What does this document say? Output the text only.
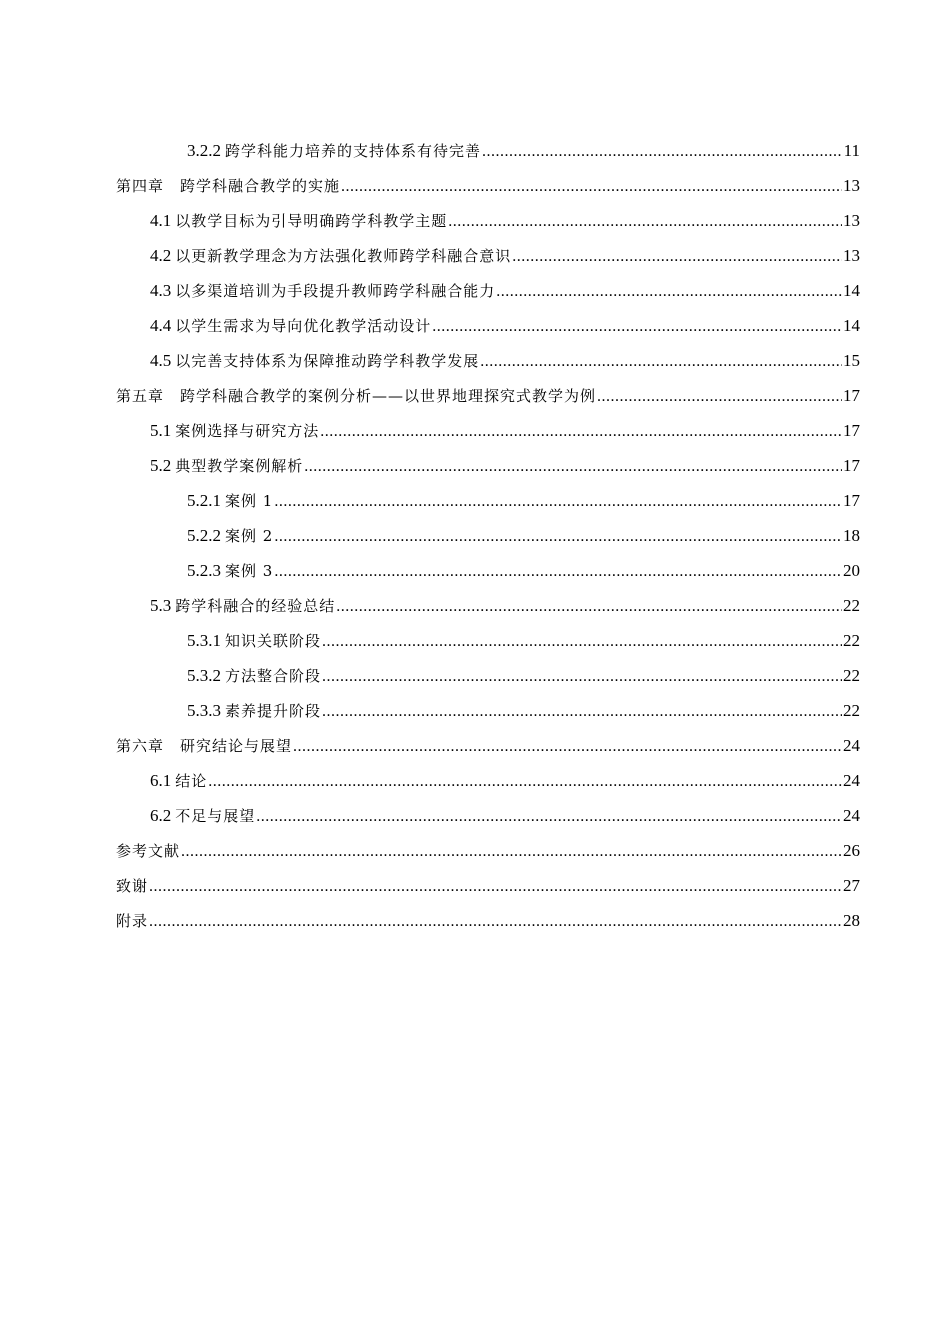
3.2.2 跨学科能力培养的支持体系有待完善 .....	11
第四章　跨学科融合教学的实施 .....	13
4.1 以教学目标为引导明确跨学科教学主题 .....	13
4.2 以更新教学理念为方法强化教师跨学科融合意识 .....	13
4.3 以多渠道培训为手段提升教师跨学科融合能力 .....	14
4.4 以学生需求为导向优化教学活动设计 .....	14
4.5 以完善支持体系为保障推动跨学科教学发展 .....	15
第五章　跨学科融合教学的案例分析——以世界地理探究式教学为例 .....	17
5.1 案例选择与研究方法 .....	17
5.2 典型教学案例解析 .....	17
5.2.1 案例 1 .....	17
5.2.2 案例 2 .....	18
5.2.3 案例 3 .....	20
5.3 跨学科融合的经验总结 .....	22
5.3.1 知识关联阶段 .....	22
5.3.2 方法整合阶段 .....	22
5.3.3 素养提升阶段 .....	22
第六章　研究结论与展望 .....	24
6.1 结论 .....	24
6.2 不足与展望 .....	24
参考文献 .....	26
致谢 .....	27
附录 .....	28
